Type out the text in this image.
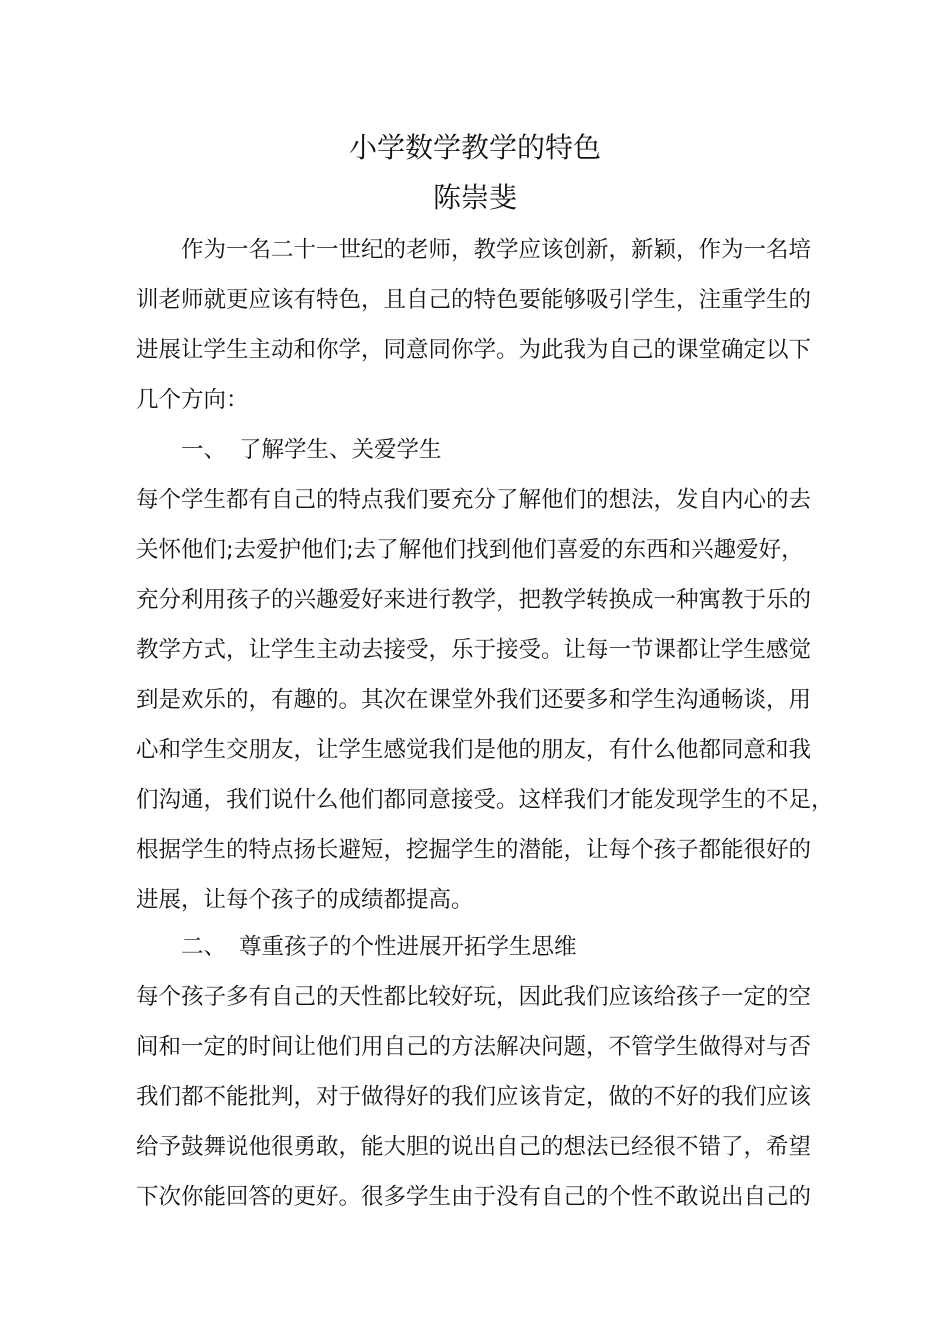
小学数学教学的特色
陈崇斐
作为一名二十一世纪的老师，教学应该创新，新颖，作为一名培
训老师就更应该有特色，且自己的特色要能够吸引学生，注重学生的
进展让学生主动和你学，同意同你学。为此我为自己的课堂确定以下
几个方向：
一、 了解学生、关爱学生
每个学生都有自己的特点我们要充分了解他们的想法，发自内心的去
关怀他们;去爱护他们;去了解他们找到他们喜爱的东西和兴趣爱好，
充分利用孩子的兴趣爱好来进行教学，把教学转换成一种寓教于乐的
教学方式，让学生主动去接受，乐于接受。让每一节课都让学生感觉
到是欢乐的，有趣的。其次在课堂外我们还要多和学生沟通畅谈，用
心和学生交朋友，让学生感觉我们是他的朋友，有什么他都同意和我
们沟通，我们说什么他们都同意接受。这样我们才能发现学生的不足，
根据学生的特点扬长避短，挖掘学生的潜能，让每个孩子都能很好的
进展，让每个孩子的成绩都提高。
二、 尊重孩子的个性进展开拓学生思维
每个孩子多有自己的天性都比较好玩，因此我们应该给孩子一定的空
间和一定的时间让他们用自己的方法解决问题，不管学生做得对与否
我们都不能批判，对于做得好的我们应该肯定，做的不好的我们应该
给予鼓舞说他很勇敢，能大胆的说出自己的想法已经很不错了，希望
下次你能回答的更好。很多学生由于没有自己的个性不敢说出自己的
